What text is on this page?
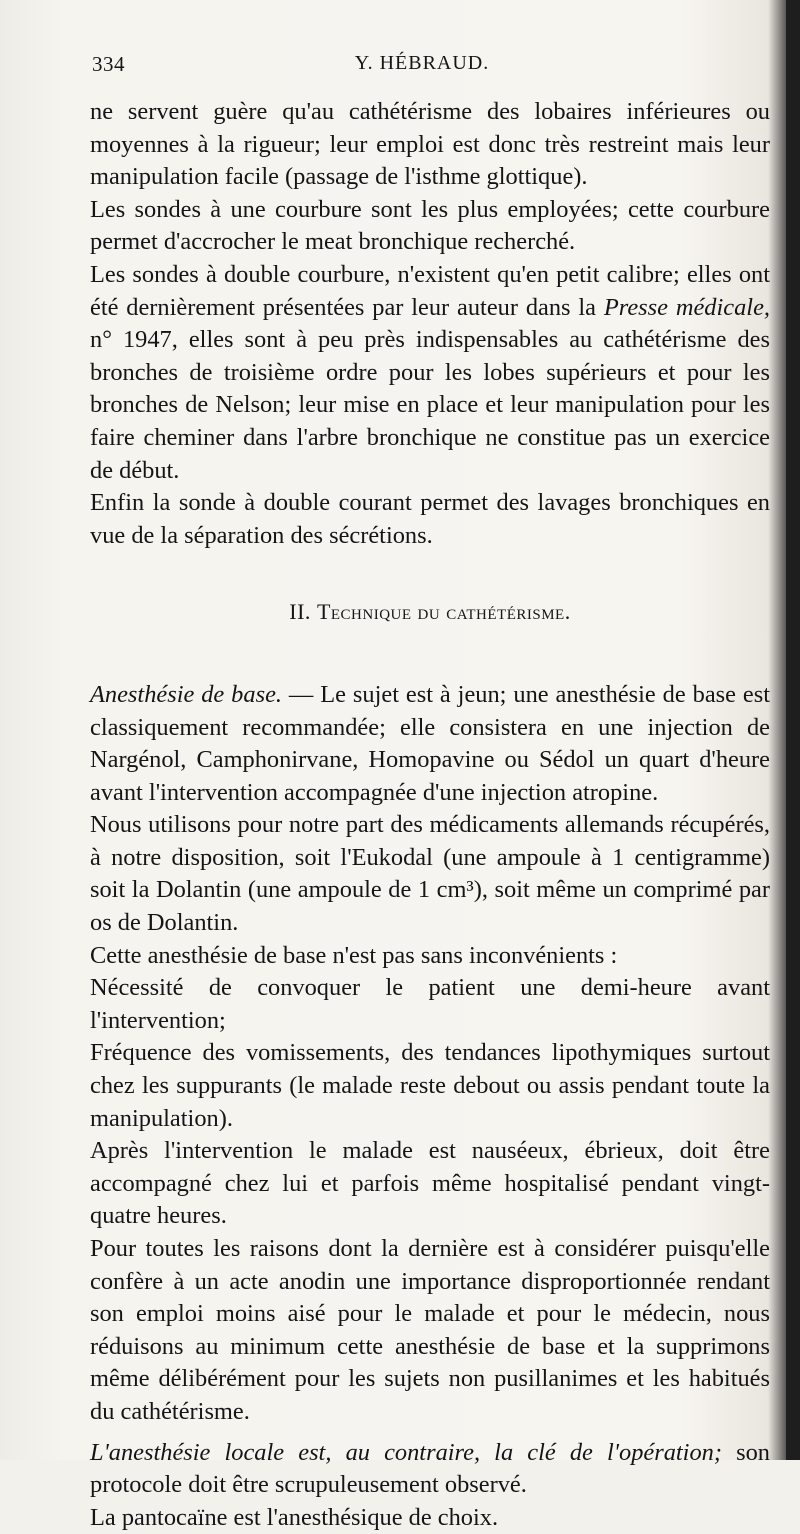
334	Y. HÉBRAUD.

ne servent guère qu'au cathétérisme des lobaires inférieures ou moyennes à la rigueur; leur emploi est donc très restreint mais leur manipulation facile (passage de l'isthme glottique).

Les sondes à une courbure sont les plus employées; cette courbure permet d'accrocher le meat bronchique recherché.

Les sondes à double courbure, n'existent qu'en petit calibre; elles ont été dernièrement présentées par leur auteur dans la Presse médicale, n° 1947, elles sont à peu près indispensables au cathétérisme des bronches de troisième ordre pour les lobes supérieurs et pour les bronches de Nelson; leur mise en place et leur manipulation pour les faire cheminer dans l'arbre bronchique ne constitue pas un exercice de début.

Enfin la sonde à double courant permet des lavages bronchiques en vue de la séparation des sécrétions.

II. Technique du cathétérisme.

Anesthésie de base. — Le sujet est à jeun; une anesthésie de base est classiquement recommandée; elle consistera en une injection de Nargénol, Camphonirvane, Homopavine ou Sédol un quart d'heure avant l'intervention accompagnée d'une injection atropine.

Nous utilisons pour notre part des médicaments allemands récupérés, à notre disposition, soit l'Eukodal (une ampoule à 1 centigramme) soit la Dolantin (une ampoule de 1 cm³), soit même un comprimé par os de Dolantin.

Cette anesthésie de base n'est pas sans inconvénients :

Nécessité de convoquer le patient une demi-heure avant l'intervention;

Fréquence des vomissements, des tendances lipothymiques surtout chez les suppurants (le malade reste debout ou assis pendant toute la manipulation).

Après l'intervention le malade est nauséeux, ébrieux, doit être accompagné chez lui et parfois même hospitalisé pendant vingt-quatre heures.

Pour toutes les raisons dont la dernière est à considérer puisqu'elle confère à un acte anodin une importance disproportionnée rendant son emploi moins aisé pour le malade et pour le médecin, nous réduisons au minimum cette anesthésie de base et la supprimons même délibérément pour les sujets non pusillanimes et les habitués du cathétérisme.

L'anesthésie locale est, au contraire, la clé de l'opération; son protocole doit être scrupuleusement observé.

La pantocaïne est l'anesthésique de choix.
